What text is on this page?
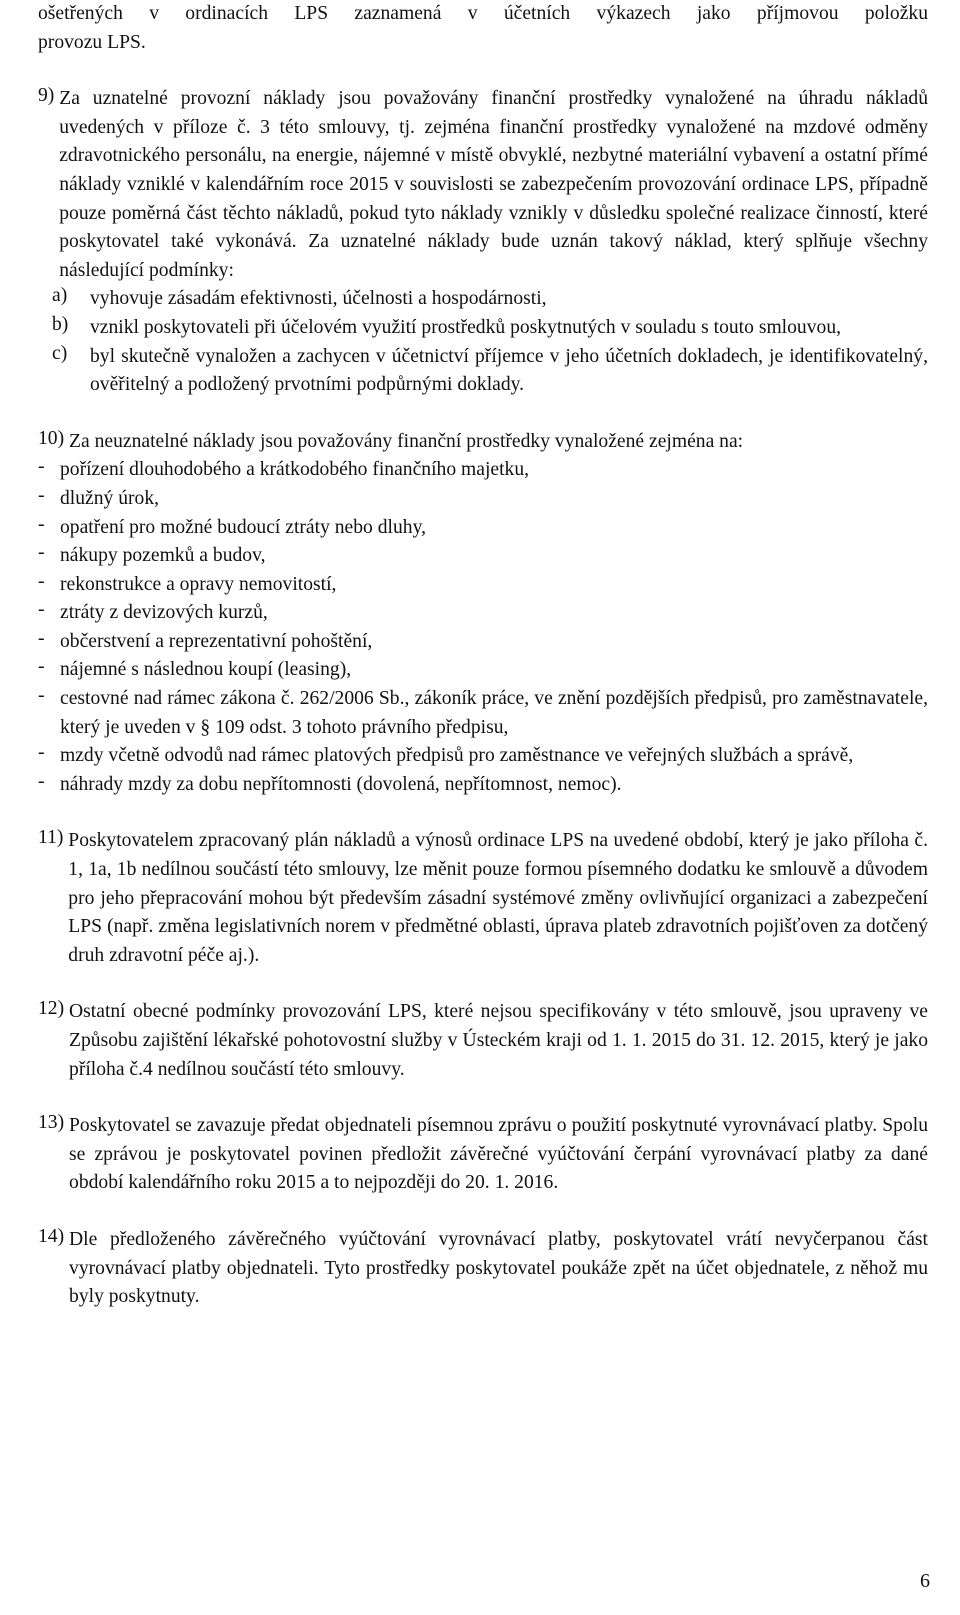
ošetřených v ordinacích LPS zaznamená v účetních výkazech jako příjmovou položku

provozu LPS.

9) Za uznatelné provozní náklady jsou považovány finanční prostředky vynaložené na úhradu nákladů uvedených v příloze č. 3 této smlouvy, tj. zejména finanční prostředky vynaložené na mzdové odměny zdravotnického personálu, na energie, nájemné v místě obvyklé, nezbytné materiální vybavení a ostatní přímé náklady vzniklé v kalendářním roce 2015 v souvislosti se zabezpečením provozování ordinace LPS, případně pouze poměrná část těchto nákladů, pokud tyto náklady vznikly v důsledku společné realizace činností, které poskytovatel také vykonává. Za uznatelné náklady bude uznán takový náklad, který splňuje všechny následující podmínky:
a)	vyhovuje zásadám efektivnosti, účelnosti a hospodárnosti,
b)	vznikl poskytovateli při účelovém využití prostředků poskytnutých v souladu s touto smlouvou,
c)	byl skutečně vynaložen a zachycen v účetnictví příjemce v jeho účetních dokladech, je identifikovatelný, ověřitelný a podložený prvotními podpůrnými doklady.
10) Za neuznatelné náklady jsou považovány finanční prostředky vynaložené zejména na:
- pořízení dlouhodobého a krátkodobého finančního majetku,
- dlužný úrok,
- opatření pro možné budoucí ztráty nebo dluhy,
- nákupy pozemků a budov,
- rekonstrukce a opravy nemovitostí,
- ztráty z devizových kurzů,
- občerstvení a reprezentativní pohoštění,
- nájemné s následnou koupí (leasing),
- cestovné nad rámec zákona č. 262/2006 Sb., zákoník práce, ve znění pozdějších předpisů, pro zaměstnavatele, který je uveden v § 109 odst. 3 tohoto právního předpisu,
- mzdy včetně odvodů nad rámec platových předpisů pro zaměstnance ve veřejných službách a správě,
- náhrady mzdy za dobu nepřítomnosti (dovolená, nepřítomnost, nemoc).
11) Poskytovatelem zpracovaný plán nákladů a výnosů ordinace LPS na uvedené období, který je jako příloha č. 1, 1a, 1b nedílnou součástí této smlouvy, lze měnit pouze formou písemného dodatku ke smlouvě a důvodem pro jeho přepracování mohou být především zásadní systémové změny ovlivňující organizaci a zabezpečení LPS (např. změna legislativních norem v předmětné oblasti, úprava plateb zdravotních pojišťoven za dotčený druh zdravotní péče aj.).
12) Ostatní obecné podmínky provozování LPS, které nejsou specifikovány v této smlouvě, jsou upraveny ve Způsobu zajištění lékařské pohotovostní služby v Ústeckém kraji od 1. 1. 2015 do 31. 12. 2015, který je jako příloha č.4 nedílnou součástí této smlouvy.
13) Poskytovatel se zavazuje předat objednateli písemnou zprávu o použití poskytnuté vyrovnávací platby. Spolu se zprávou je poskytovatel povinen předložit závěrečné vyúčtování čerpání vyrovnávací platby za dané období kalendářního roku 2015 a to nejpozději do 20. 1. 2016.
14) Dle předloženého závěrečného vyúčtování vyrovnávací platby, poskytovatel vrátí nevyčerpanou část vyrovnávací platby objednateli. Tyto prostředky poskytovatel poukáže zpět na účet objednatele, z něhož mu byly poskytnuty.
6
